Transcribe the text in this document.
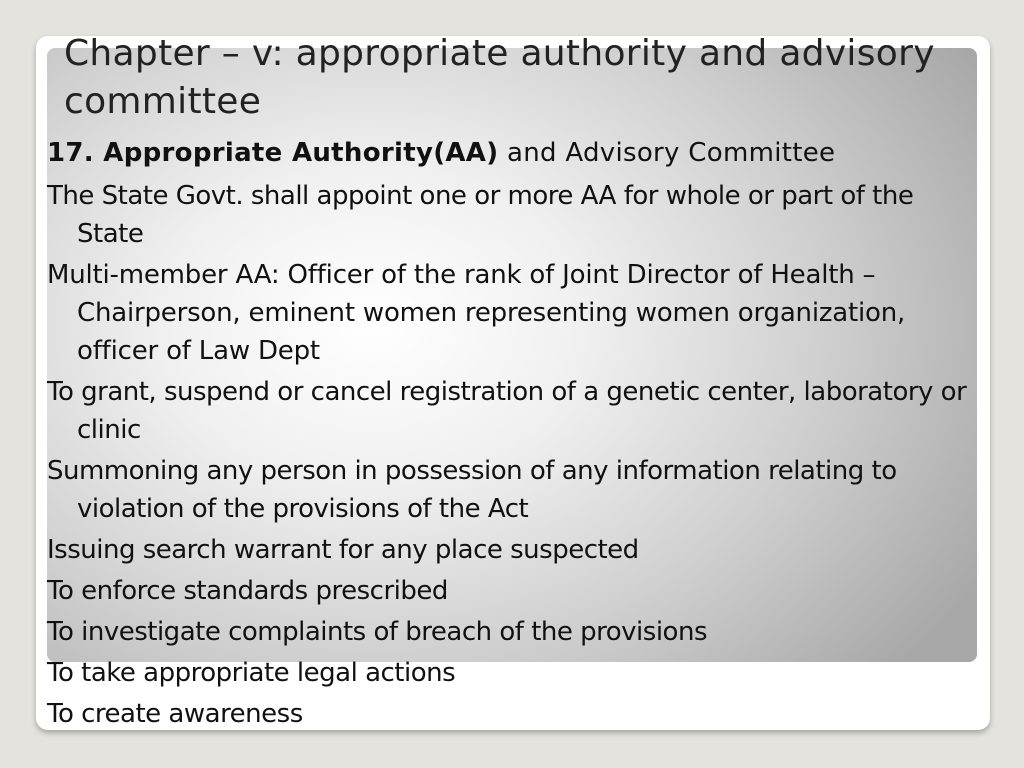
Chapter – v: appropriate authority and advisory committee

17. Appropriate Authority(AA) and Advisory Committee

The State Govt. shall appoint one or more AA for whole or part of the State

Multi-member AA: Officer of the rank of Joint Director of Health – Chairperson, eminent women representing women organization, officer of Law Dept

To grant, suspend or cancel registration of a genetic center, laboratory or clinic

Summoning any person in possession of any information relating to violation of the provisions of the Act

Issuing search warrant for any place suspected

To enforce standards prescribed

To investigate complaints of breach of the provisions

To take appropriate legal actions

To create awareness
